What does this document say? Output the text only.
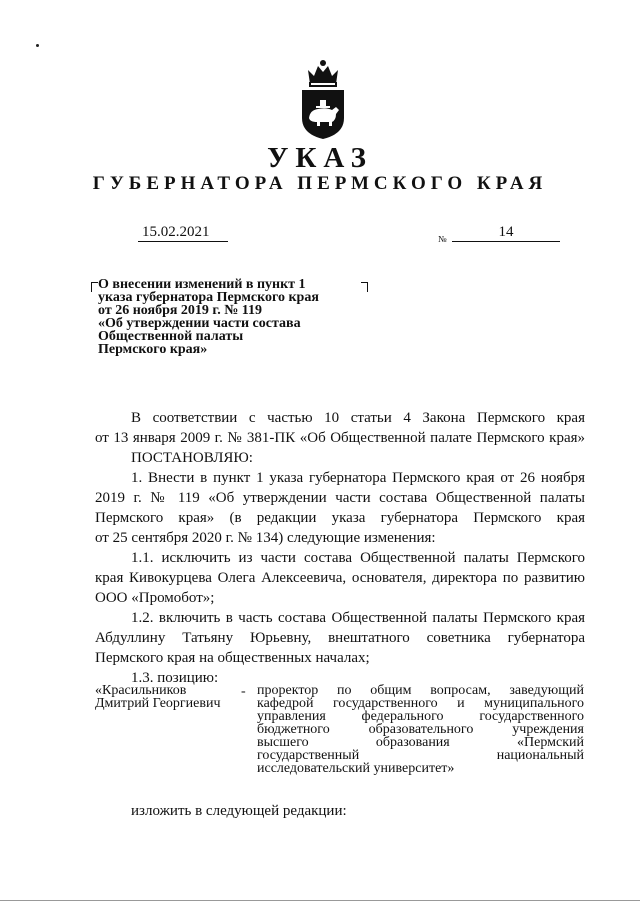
УКАЗ
ГУБЕРНАТОРА ПЕРМСКОГО КРАЯ
15.02.2021	№	14
О внесении изменений в пункт 1
указа губернатора Пермского края
от 26 ноября 2019 г. № 119
«Об утверждении части состава
Общественной палаты
Пермского края»
В соответствии с частью 10 статьи 4 Закона Пермского края
от 13 января 2009 г. № 381-ПК «Об Общественной палате Пермского края»
ПОСТАНОВЛЯЮ:
1. Внести в пункт 1 указа губернатора Пермского края от 26 ноября
2019 г. № 119 «Об утверждении части состава Общественной палаты
Пермского края» (в редакции указа губернатора Пермского края
от 25 сентября 2020 г. № 134) следующие изменения:
1.1. исключить из части состава Общественной палаты Пермского
края Кивокурцева Олега Алексеевича, основателя, директора по развитию
ООО «Промобот»;
1.2. включить в часть состава Общественной палаты Пермского края
Абдуллину Татьяну Юрьевну, внештатного советника губернатора
Пермского края на общественных началах;
1.3. позицию:
«Красильников
Дмитрий Георгиевич
- проректор по общим вопросам, заведующий
кафедрой государственного и муниципального
управления федерального государственного
бюджетного образовательного учреждения
высшего образования «Пермский
государственный национальный
исследовательский университет»
изложить в следующей редакции:
